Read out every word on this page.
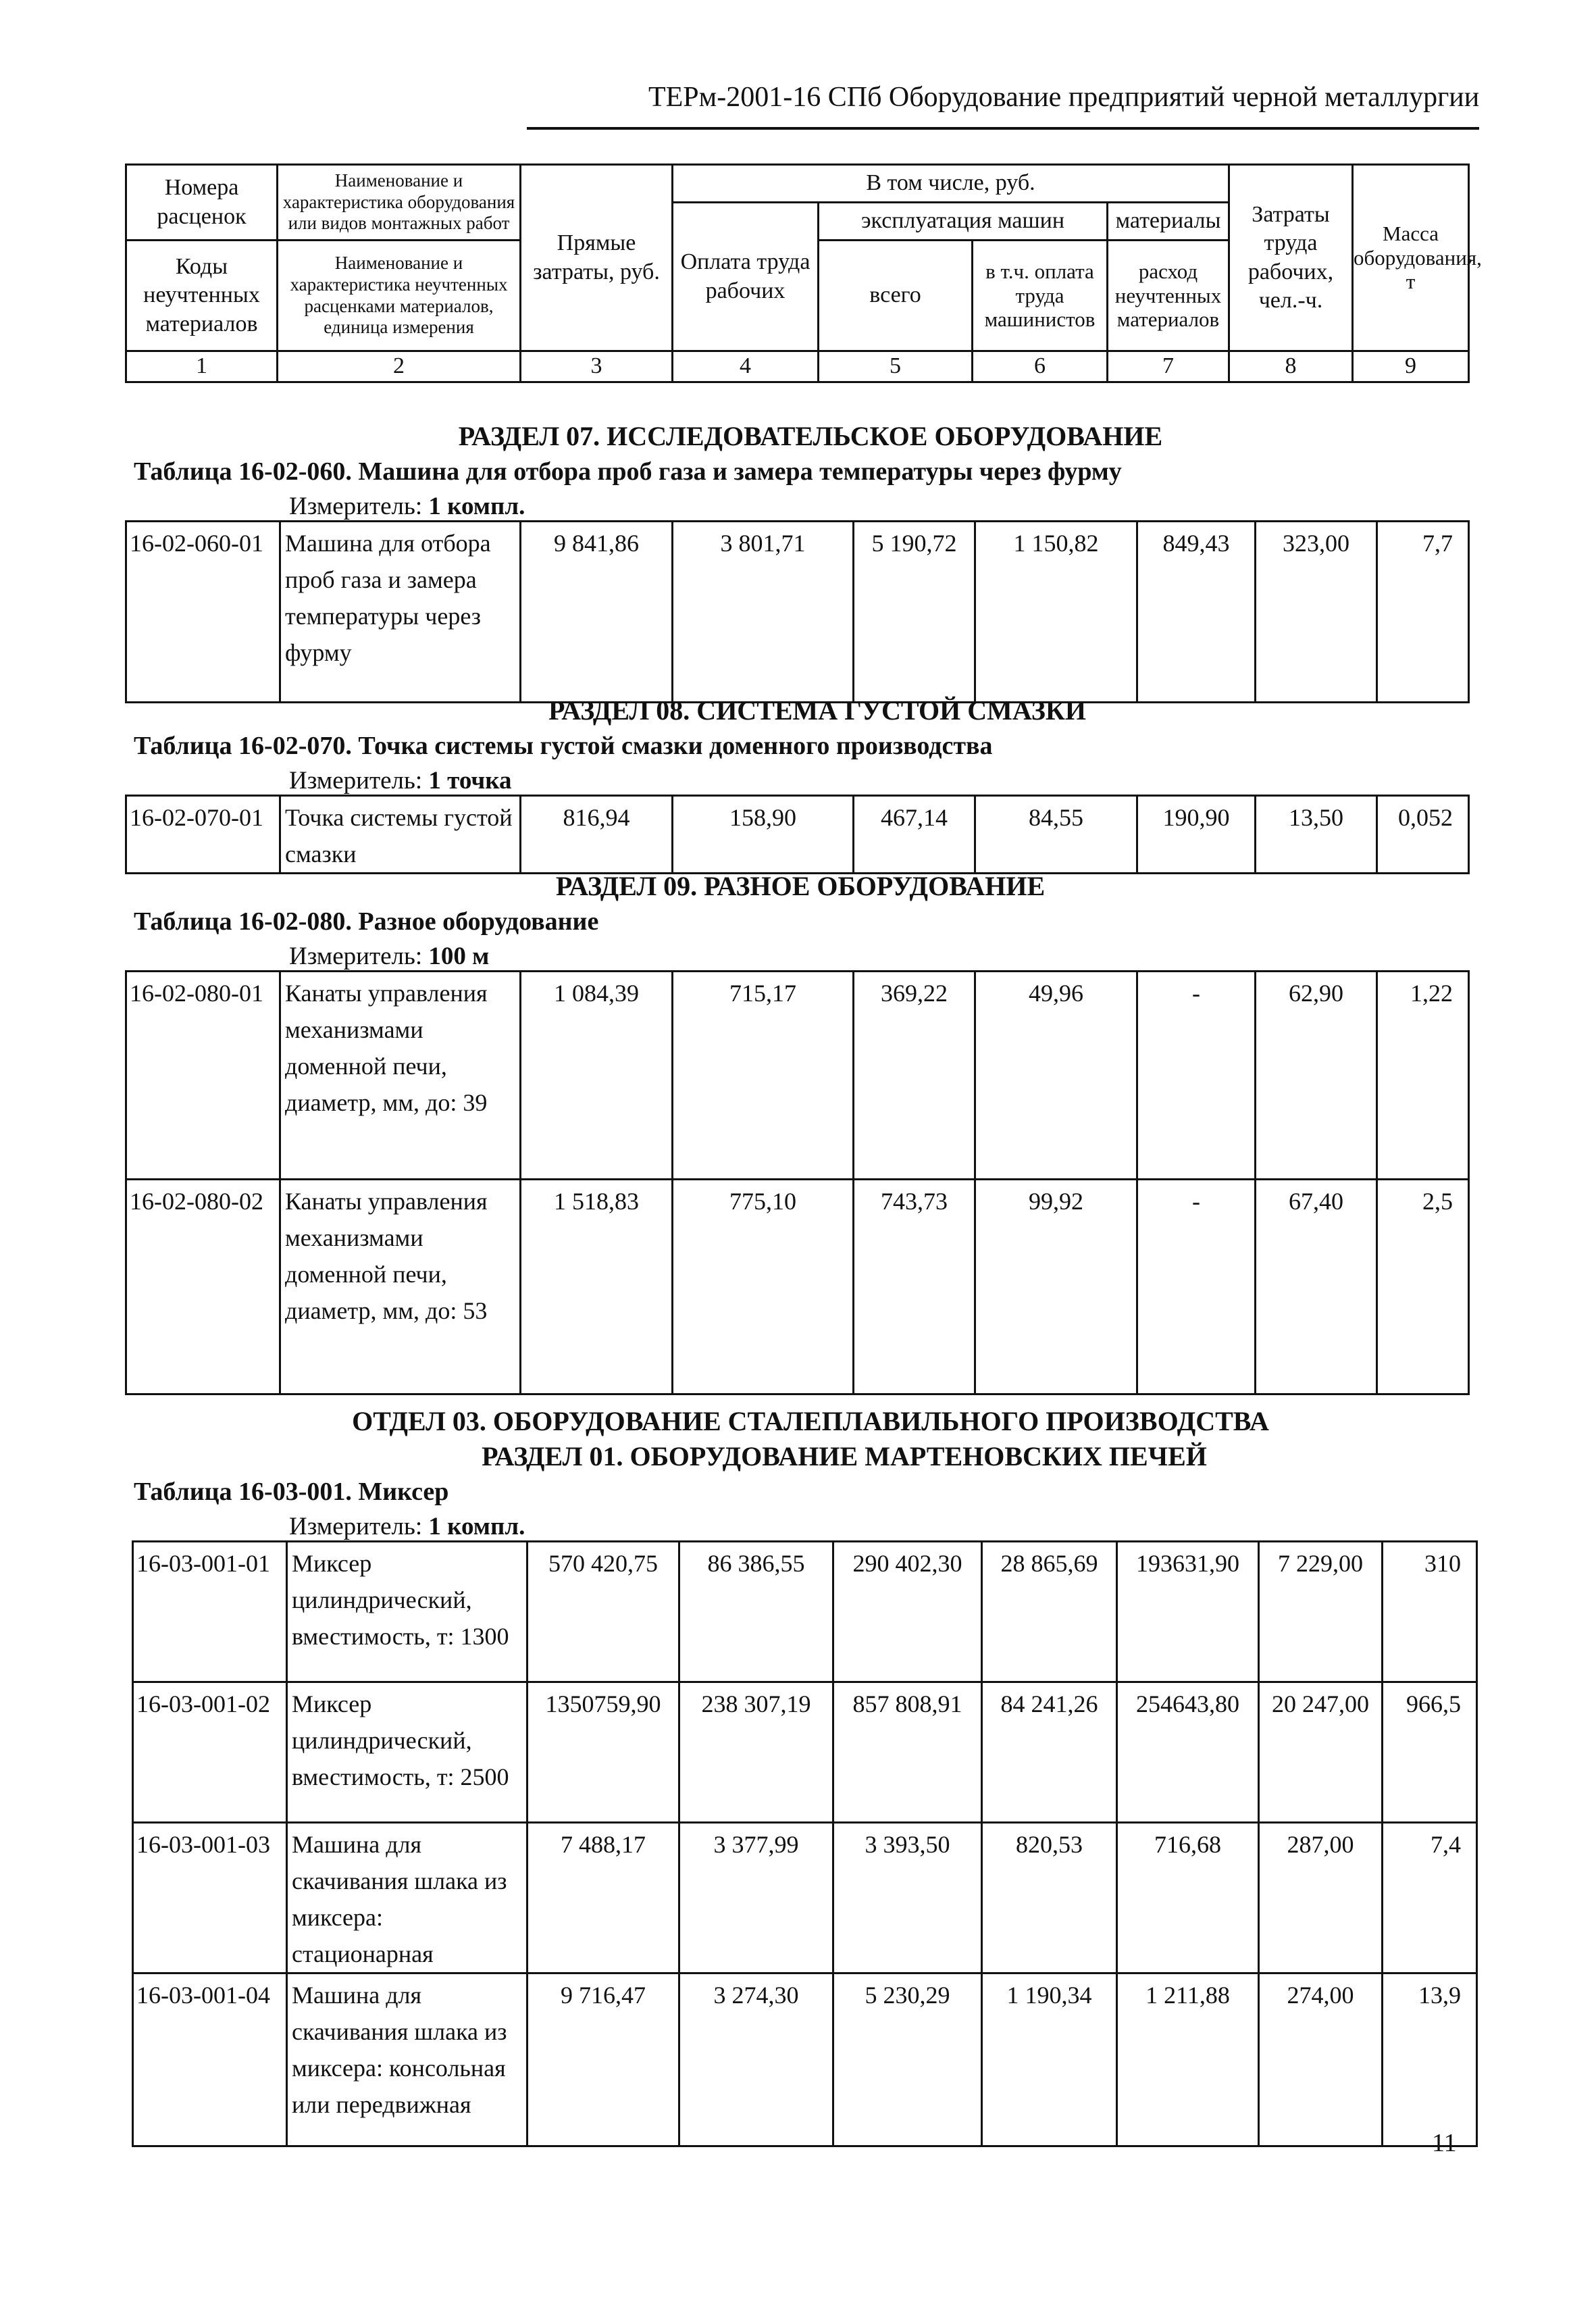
ТЕРм-2001-16 СПб Оборудование предприятий черной металлургии
Номера расценок	Наименование и характеристика оборудования или видов монтажных работ	Прямые затраты, руб.	В том числе, руб.				Затраты труда рабочих, чел.-ч.	Масса оборудования, т
			Оплата труда рабочих	эксплуатация машин		материалы		
Коды неучтенных материалов	Наименование и характеристика неучтенных расценками материалов, единица измерения			всего	в т.ч. оплата труда машинистов	расход неучтенных материалов		

1	2	3	4	5	6	7	8	9
РАЗДЕЛ 07. ИССЛЕДОВАТЕЛЬСКОЕ ОБОРУДОВАНИЕ
Таблица 16-02-060. Машина для отбора проб газа и замера температуры через фурму
Измеритель: 1 компл.
16-02-060-01	Машина для отбора проб газа и замера температуры через фурму	9 841,86	3 801,71	5 190,72	1 150,82	849,43	323,00	7,7
РАЗДЕЛ 08. СИСТЕМА ГУСТОЙ СМАЗКИ
Таблица 16-02-070. Точка системы густой смазки доменного производства
Измеритель: 1 точка
16-02-070-01	Точка системы густой смазки	816,94	158,90	467,14	84,55	190,90	13,50	0,052
РАЗДЕЛ 09. РАЗНОЕ ОБОРУДОВАНИЕ
Таблица 16-02-080. Разное оборудование
Измеритель: 100 м
16-02-080-01	Канаты управления механизмами доменной печи, диаметр, мм, до: 39	1 084,39	715,17	369,22	49,96	-	62,90	1,22
16-02-080-02	Канаты управления механизмами доменной печи, диаметр, мм, до: 53	1 518,83	775,10	743,73	99,92	-	67,40	2,5
ОТДЕЛ 03. ОБОРУДОВАНИЕ СТАЛЕПЛАВИЛЬНОГО ПРОИЗВОДСТВА
РАЗДЕЛ 01. ОБОРУДОВАНИЕ МАРТЕНОВСКИХ ПЕЧЕЙ
Таблица 16-03-001. Миксер
Измеритель: 1 компл.
16-03-001-01	Миксер цилиндрический, вместимость, т: 1300	570 420,75	86 386,55	290 402,30	28 865,69	193631,90	7 229,00	310
16-03-001-02	Миксер цилиндрический, вместимость, т: 2500	1350759,90	238 307,19	857 808,91	84 241,26	254643,80	20 247,00	966,5
16-03-001-03	Машина для скачивания шлака из миксера: стационарная	7 488,17	3 377,99	3 393,50	820,53	716,68	287,00	7,4
16-03-001-04	Машина для скачивания шлака из миксера: консольная или передвижная	9 716,47	3 274,30	5 230,29	1 190,34	1 211,88	274,00	13,9
11
